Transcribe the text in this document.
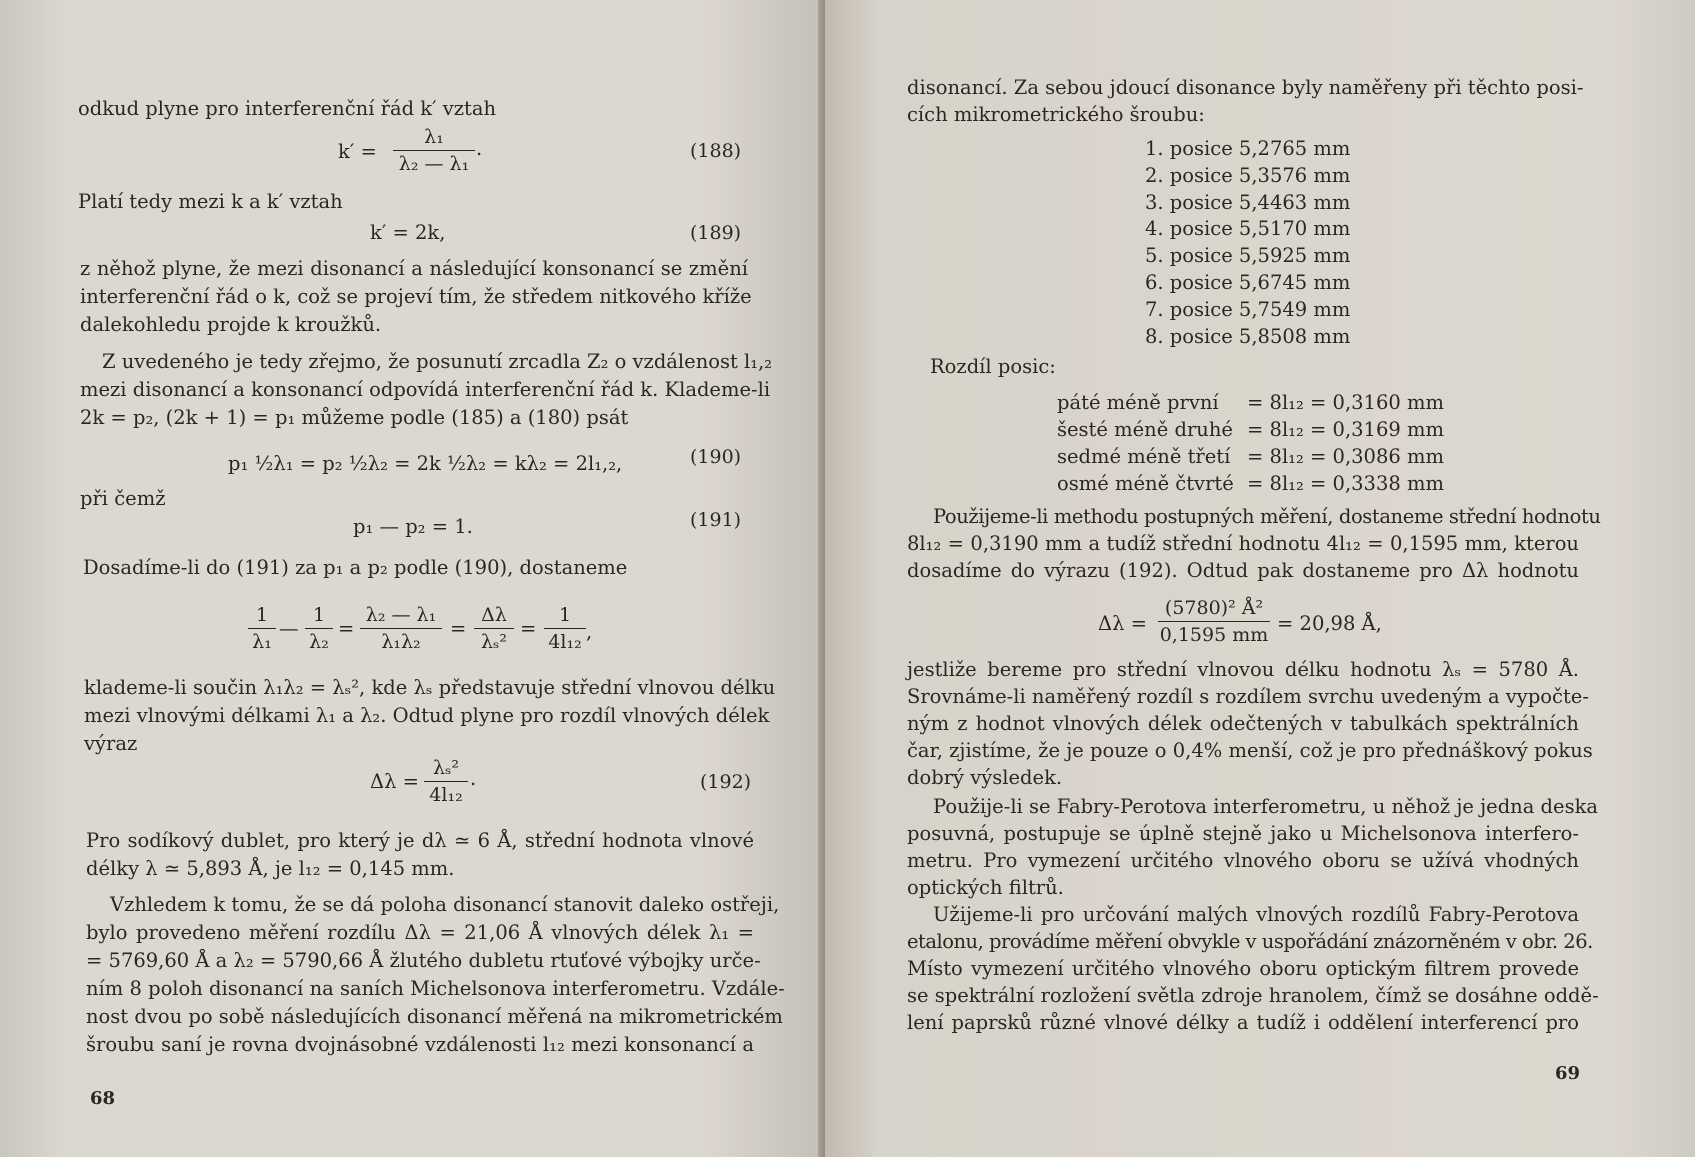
odkud plyne pro interferenční řád k′ vztah
k′ =
λ₁
λ₂ — λ₁
.	(188)
Platí tedy mezi k a k′ vztah
k′ = 2k,	(189)
z něhož plyne, že mezi disonancí a následující konsonancí se změní
interferenční řád o k, což se projeví tím, že středem nitkového kříže
dalekohledu projde k kroužků.
Z uvedeného je tedy zřejmo, že posunutí zrcadla Z₂ o vzdálenost l₁,₂
mezi disonancí a konsonancí odpovídá interferenční řád k. Klademe-li
2k = p₂, (2k + 1) = p₁ můžeme podle (185) a (180) psát
p₁ ½λ₁ = p₂ ½λ₂ = 2k ½λ₂ = kλ₂ = 2l₁,₂,	(190)
při čemž
p₁ — p₂ = 1.	(191)
Dosadíme-li do (191) za p₁ a p₂ podle (190), dostaneme
1
λ₁
—
1
λ₂
=
λ₂ — λ₁
λ₁λ₂
=
Δλ
λₛ²
=
1
4l₁₂ ,
klademe-li součin λ₁λ₂ = λₛ², kde λₛ představuje střední vlnovou délku
mezi vlnovými délkami λ₁ a λ₂. Odtud plyne pro rozdíl vlnových délek
výraz
Δλ =
λₛ²
4l₁₂
.	(192)
Pro sodíkový dublet, pro který je dλ ≃ 6 Å, střední hodnota vlnové
délky λ ≃ 5,893 Å, je l₁₂ = 0,145 mm.
Vzhledem k tomu, že se dá poloha disonancí stanovit daleko ostřeji,
bylo provedeno měření rozdílu Δλ = 21,06 Å vlnových délek λ₁ =
= 5769,60 Å a λ₂ = 5790,66 Å žlutého dubletu rtuťové výbojky urče-
ním 8 poloh disonancí na saních Michelsonova interferometru. Vzdále-
nost dvou po sobě následujících disonancí měřená na mikrometrickém
šroubu saní je rovna dvojnásobné vzdálenosti l₁₂ mezi konsonancí a
68
disonancí. Za sebou jdoucí disonance byly naměřeny při těchto posi-
cích mikrometrického šroubu:
1. posice 5,2765 mm
2. posice 5,3576 mm
3. posice 5,4463 mm
4. posice 5,5170 mm
5. posice 5,5925 mm
6. posice 5,6745 mm
7. posice 5,7549 mm
8. posice 5,8508 mm
Rozdíl posic:
páté méně první = 8l₁₂ = 0,3160 mm
šesté méně druhé = 8l₁₂ = 0,3169 mm
sedmé méně třetí = 8l₁₂ = 0,3086 mm
osmé méně čtvrté = 8l₁₂ = 0,3338 mm
Použijeme-li methodu postupných měření, dostaneme střední hodnotu
8l₁₂ = 0,3190 mm a tudíž střední hodnotu 4l₁₂ = 0,1595 mm, kterou
dosadíme do výrazu (192). Odtud pak dostaneme pro Δλ hodnotu
Δλ =
(5780)² Å²
0,1595 mm = 20,98 Å,
jestliže bereme pro střední vlnovou délku hodnotu λₛ = 5780 Å.
Srovnáme-li naměřený rozdíl s rozdílem svrchu uvedeným a vypočte-
ným z hodnot vlnových délek odečtených v tabulkách spektrálních
čar, zjistíme, že je pouze o 0,4% menší, což je pro přednáškový pokus
dobrý výsledek.
Použije-li se Fabry-Perotova interferometru, u něhož je jedna deska
posuvná, postupuje se úplně stejně jako u Michelsonova interfero-
metru. Pro vymezení určitého vlnového oboru se užívá vhodných
optických filtrů.
Užijeme-li pro určování malých vlnových rozdílů Fabry-Perotova
etalonu, provádíme měření obvykle v uspořádání znázorněném v obr. 26.
Místo vymezení určitého vlnového oboru optickým filtrem provede
se spektrální rozložení světla zdroje hranolem, čímž se dosáhne oddě-
lení paprsků různé vlnové délky a tudíž i oddělení interferencí pro
69
